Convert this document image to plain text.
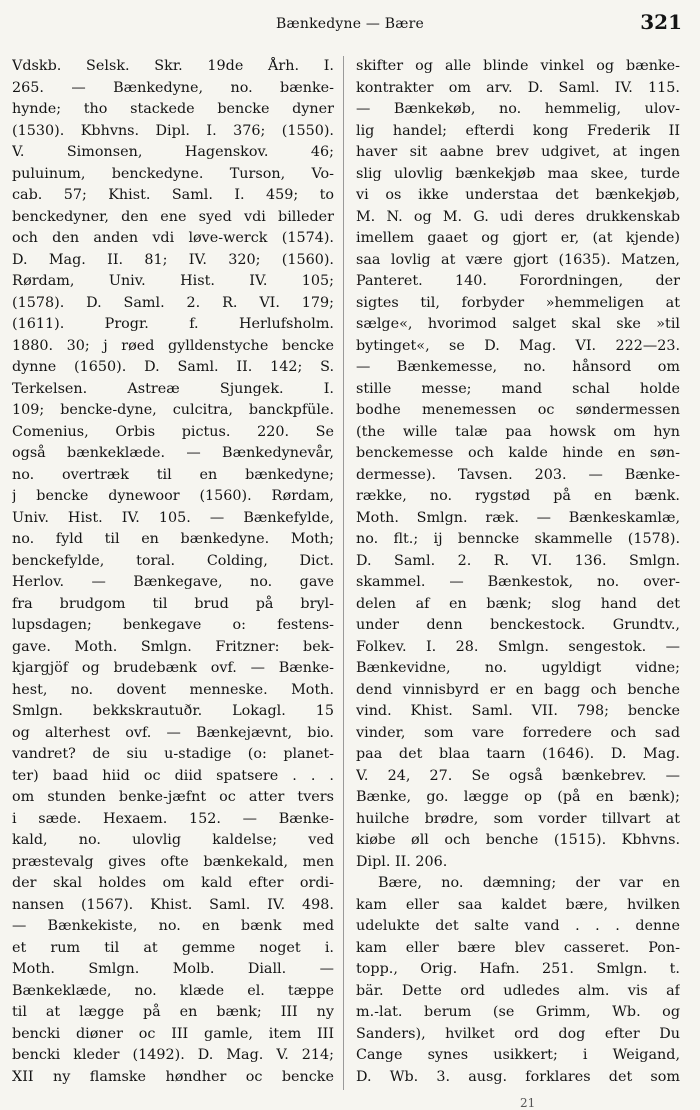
Bænkedyne — Bære	321
Vdskb. Selsk. Skr. 19de Årh. I.
265. — Bænkedyne, no. bænke-
hynde; tho stackede bencke dyner
(1530). Kbhvns. Dipl. I. 376; (1550).
V. Simonsen, Hagenskov. 46;
puluinum, benckedyne. Turson, Vo-
cab. 57; Khist. Saml. I. 459; to
benckedyner, den ene syed vdi billeder
och den anden vdi løve-werck (1574).
D. Mag. II. 81; IV. 320; (1560).
Rørdam, Univ. Hist. IV. 105;
(1578). D. Saml. 2. R. VI. 179;
(1611). Progr. f. Herlufsholm.
1880. 30; j røed gylldenstyche bencke
dynne (1650). D. Saml. II. 142; S.
Terkelsen. Astreæ Sjungek. I.
109; bencke-dyne, culcitra, banckpfüle.
Comenius, Orbis pictus. 220. Se
også bænkeklæde. — Bænkedynevår,
no. overtræk til en bænkedyne;
j bencke dynewoor (1560). Rørdam,
Univ. Hist. IV. 105. — Bænkefylde,
no. fyld til en bænkedyne. Moth;
benckefylde, toral. Colding, Dict.
Herlov. — Bænkegave, no. gave
fra brudgom til brud på bryl-
lupsdagen; benkegave o: festens-
gave. Moth. Smlgn. Fritzner: bek-
kjargjöf og brudebænk ovf. — Bænke-
hest, no. dovent menneske. Moth.
Smlgn. bekkskrautuðr. Lokagl. 15
og alterhest ovf. — Bænkejævnt, bio.
vandret? de siu u-stadige (o: planet-
ter) baad hiid oc diid spatsere . . .
om stunden benke-jæfnt oc atter tvers
i sæde. Hexaem. 152. — Bænke-
kald, no. ulovlig kaldelse; ved
præstevalg gives ofte bænkekald, men
der skal holdes om kald efter ordi-
nansen (1567). Khist. Saml. IV. 498.
— Bænkekiste, no. en bænk med
et rum til at gemme noget i.
Moth. Smlgn. Molb. Diall. —
Bænkeklæde, no. klæde el. tæppe
til at lægge på en bænk; III ny
bencki diøner oc III gamle, item III
bencki kleder (1492). D. Mag. V. 214;
XII ny flamske høndher oc bencke
skifter og alle blinde vinkel og bænke-
kontrakter om arv. D. Saml. IV. 115.
— Bænkekøb, no. hemmelig, ulov-
lig handel; efterdi kong Frederik II
haver sit aabne brev udgivet, at ingen
slig ulovlig bænkekjøb maa skee, turde
vi os ikke understaa det bænkekjøb,
M. N. og M. G. udi deres drukkenskab
imellem gaaet og gjort er, (at kjende)
saa lovlig at være gjort (1635). Matzen,
Panteret. 140. Forordningen, der
sigtes til, forbyder »hemmeligen at
sælge«, hvorimod salget skal ske »til
bytinget«, se D. Mag. VI. 222—23.
— Bænkemesse, no. hånsord om
stille messe; mand schal holde
bodhe menemessen oc søndermessen
(the wille talæ paa howsk om hyn
benckemesse och kalde hinde en søn-
dermesse). Tavsen. 203. — Bænke-
række, no. rygstød på en bænk.
Moth. Smlgn. ræk. — Bænkeskamlæ,
no. flt.; ij benncke skammelle (1578).
D. Saml. 2. R. VI. 136. Smlgn.
skammel. — Bænkestok, no. over-
delen af en bænk; slog hand det
under denn benckestock. Grundtv.,
Folkev. I. 28. Smlgn. sengestok. —
Bænkevidne, no. ugyldigt vidne;
dend vinnisbyrd er en bagg och benche
vind. Khist. Saml. VII. 798; bencke
vinder, som vare forredere och sad
paa det blaa taarn (1646). D. Mag.
V. 24, 27. Se også bænkebrev. —
Bænke, go. lægge op (på en bænk);
huilche brødre, som vorder tillvart at
kiøbe øll och benche (1515). Kbhvns.
Dipl. II. 206.
Bære, no. dæmning; der var en
kam eller saa kaldet bære, hvilken
udelukte det salte vand . . . denne
kam eller bære blev casseret. Pon-
topp., Orig. Hafn. 251. Smlgn. t.
bär. Dette ord udledes alm. vis af
m.-lat. berum (se Grimm, Wb. og
Sanders), hvilket ord dog efter Du
Cange synes usikkert; i Weigand,
D. Wb. 3. ausg. forklares det som
21
